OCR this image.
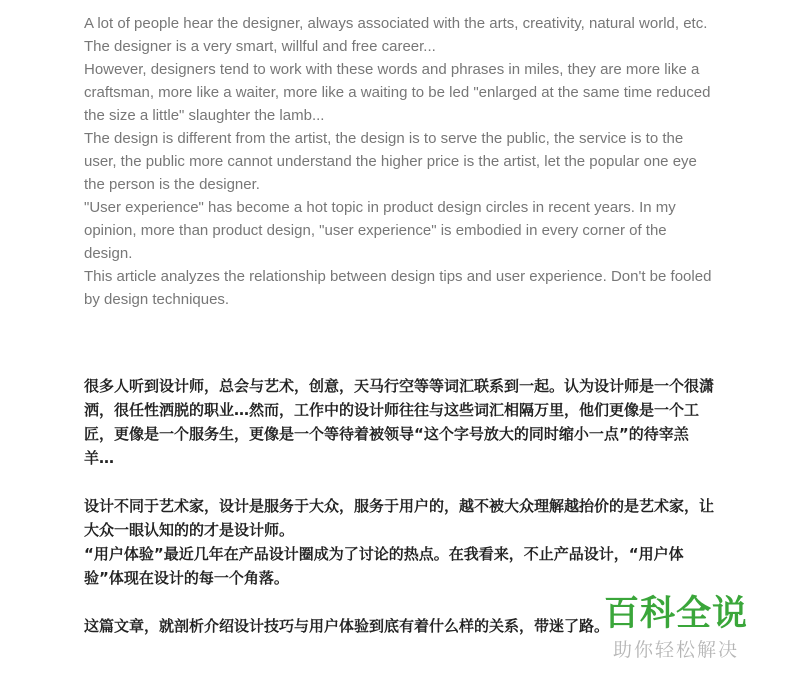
A lot of people hear the designer, always associated with the arts, creativity, natural world, etc. The designer is a very smart, willful and free career...

However, designers tend to work with these words and phrases in miles, they are more like a craftsman, more like a waiter, more like a waiting to be led "enlarged at the same time reduced the size a little" slaughter the lamb...

The design is different from the artist, the design is to serve the public, the service is to the user, the public more cannot understand the higher price is the artist, let the popular one eye the person is the designer.

"User experience" has become a hot topic in product design circles in recent years. In my opinion, more than product design, "user experience" is embodied in every corner of the design.

This article analyzes the relationship between design tips and user experience. Don't be fooled by design techniques.

很多人听到设计师，总会与艺术，创意，天马行空等等词汇联系到一起。认为设计师是一个很潇洒，很任性洒脱的职业…然而，工作中的设计师往往与这些词汇相隔万里，他们更像是一个工匠，更像是一个服务生，更像是一个等待着被领导“这个字号放大的同时缩小一点”的待宰羔羊…

设计不同于艺术家，设计是服务于大众，服务于用户的，越不被大众理解越抬价的是艺术家，让大众一眼认知的的才是设计师。

“用户体验”最近几年在产品设计圈成为了讨论的热点。在我看来，不止产品设计，“用户体验”体现在设计的每一个角落。

这篇文章，就剖析介绍设计技巧与用户体验到底有着什么样的关系，带迷了路。

百科全说
助你轻松解决
